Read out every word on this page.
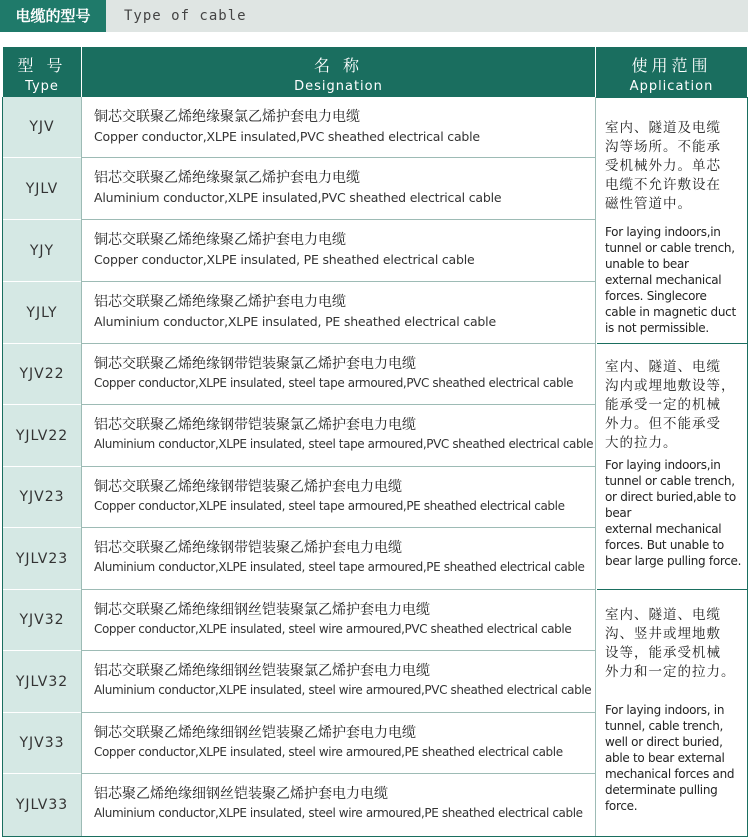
电缆的型号	Type of cable
型 号
Type
名 称
Designation
使用范围
Application
YJV
铜芯交联聚乙烯绝缘聚氯乙烯护套电力电缆
Copper conductor,XLPE insulated,PVC sheathed electrical cable
YJLV
铝芯交联聚乙烯绝缘聚氯乙烯护套电力电缆
Aluminium conductor,XLPE insulated,PVC sheathed electrical cable
YJY
铜芯交联聚乙烯绝缘聚乙烯护套电力电缆
Copper conductor,XLPE insulated, PE sheathed electrical cable
YJLY
铝芯交联聚乙烯绝缘聚乙烯护套电力电缆
Aluminium conductor,XLPE insulated, PE sheathed electrical cable
YJV22
铜芯交联聚乙烯绝缘钢带铠装聚氯乙烯护套电力电缆
Copper conductor,XLPE insulated, steel tape armoured,PVC sheathed electrical cable
YJLV22
铝芯交联聚乙烯绝缘钢带铠装聚氯乙烯护套电力电缆
Aluminium conductor,XLPE insulated, steel tape armoured,PVC sheathed electrical cable
YJV23
铜芯交联聚乙烯绝缘钢带铠装聚乙烯护套电力电缆
Copper conductor,XLPE insulated, steel tape armoured,PE sheathed electrical cable
YJLV23
铝芯交联聚乙烯绝缘钢带铠装聚乙烯护套电力电缆
Aluminium conductor,XLPE insulated, steel tape armoured,PE sheathed electrical cable
YJV32
铜芯交联聚乙烯绝缘细钢丝铠装聚氯乙烯护套电力电缆
Copper conductor,XLPE insulated, steel wire armoured,PVC sheathed electrical cable
YJLV32
铝芯交联聚乙烯绝缘细钢丝铠装聚氯乙烯护套电力电缆
Aluminium conductor,XLPE insulated, steel wire armoured,PVC sheathed electrical cable
YJV33
铜芯交联聚乙烯绝缘细钢丝铠装聚乙烯护套电力电缆
Copper conductor,XLPE insulated, steel wire armoured,PE sheathed electrical cable
YJLV33
铝芯聚乙烯绝缘细钢丝铠装聚乙烯护套电力电缆
Aluminium conductor,XLPE insulated, steel wire armoured,PE sheathed electrical cable
室内、隧道及电缆
沟等场所。不能承
受机械外力。单芯
电缆不允许敷设在
磁性管道中。
For laying indoors,in
tunnel or cable trench,
unable to bear
external mechanical
forces. Singlecore
cable in magnetic duct
is not permissible.
室内、隧道、电缆
沟内或埋地敷设等，
能承受一定的机械
外力。但不能承受
大的拉力。
For laying indoors,in
tunnel or cable trench,
or direct buried,able to
bear
external mechanical
forces. But unable to
bear large pulling force.
室内、隧道、电缆
沟、竖井或埋地敷
设等，能承受机械
外力和一定的拉力。
For laying indoors, in
tunnel, cable trench,
well or direct buried,
able to bear external
mechanical forces and
determinate pulling
force.
